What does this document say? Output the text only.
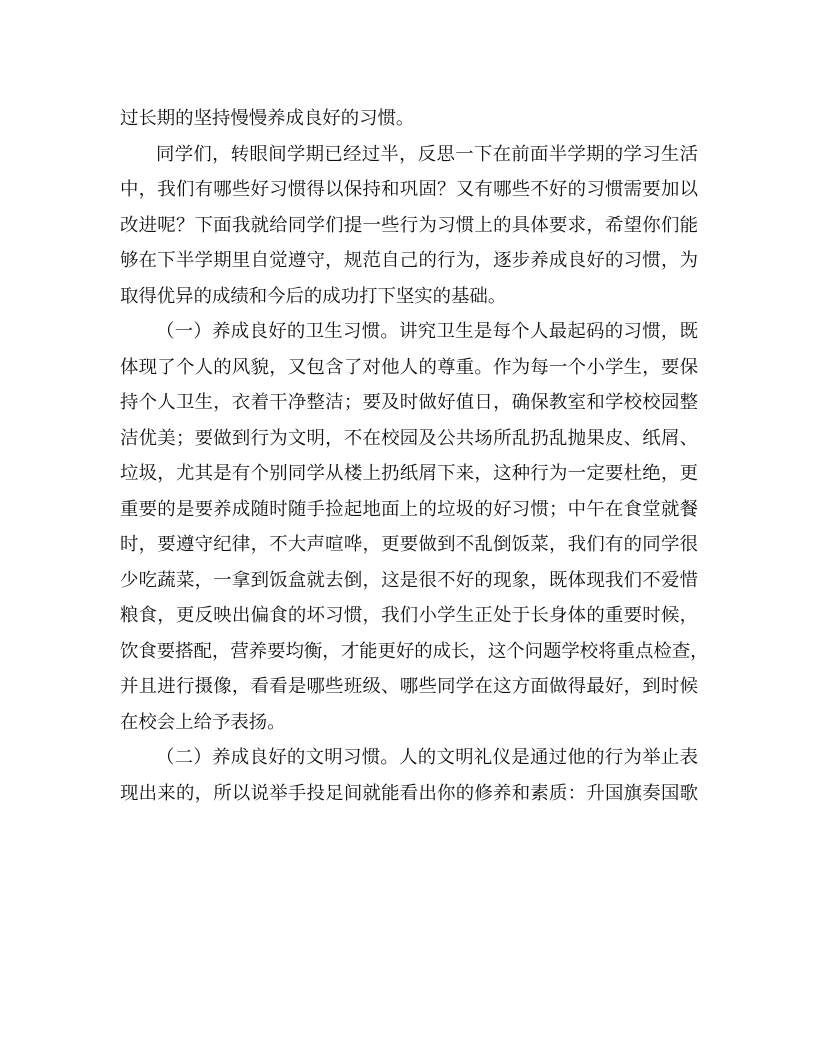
过长期的坚持慢慢养成良好的习惯。
同学们，转眼间学期已经过半，反思一下在前面半学期的学习生活
中，我们有哪些好习惯得以保持和巩固？又有哪些不好的习惯需要加以
改进呢？下面我就给同学们提一些行为习惯上的具体要求，希望你们能
够在下半学期里自觉遵守，规范自己的行为，逐步养成良好的习惯，为
取得优异的成绩和今后的成功打下坚实的基础。
（一）养成良好的卫生习惯。讲究卫生是每个人最起码的习惯，既
体现了个人的风貌，又包含了对他人的尊重。作为每一个小学生，要保
持个人卫生，衣着干净整洁；要及时做好值日，确保教室和学校校园整
洁优美；要做到行为文明，不在校园及公共场所乱扔乱抛果皮、纸屑、
垃圾，尤其是有个别同学从楼上扔纸屑下来，这种行为一定要杜绝，更
重要的是要养成随时随手捡起地面上的垃圾的好习惯；中午在食堂就餐
时，要遵守纪律，不大声喧哗，更要做到不乱倒饭菜，我们有的同学很
少吃蔬菜，一拿到饭盒就去倒，这是很不好的现象，既体现我们不爱惜
粮食，更反映出偏食的坏习惯，我们小学生正处于长身体的重要时候，
饮食要搭配，营养要均衡，才能更好的成长，这个问题学校将重点检查，
并且进行摄像，看看是哪些班级、哪些同学在这方面做得最好，到时候
在校会上给予表扬。
（二）养成良好的文明习惯。人的文明礼仪是通过他的行为举止表
现出来的，所以说举手投足间就能看出你的修养和素质：升国旗奏国歌
